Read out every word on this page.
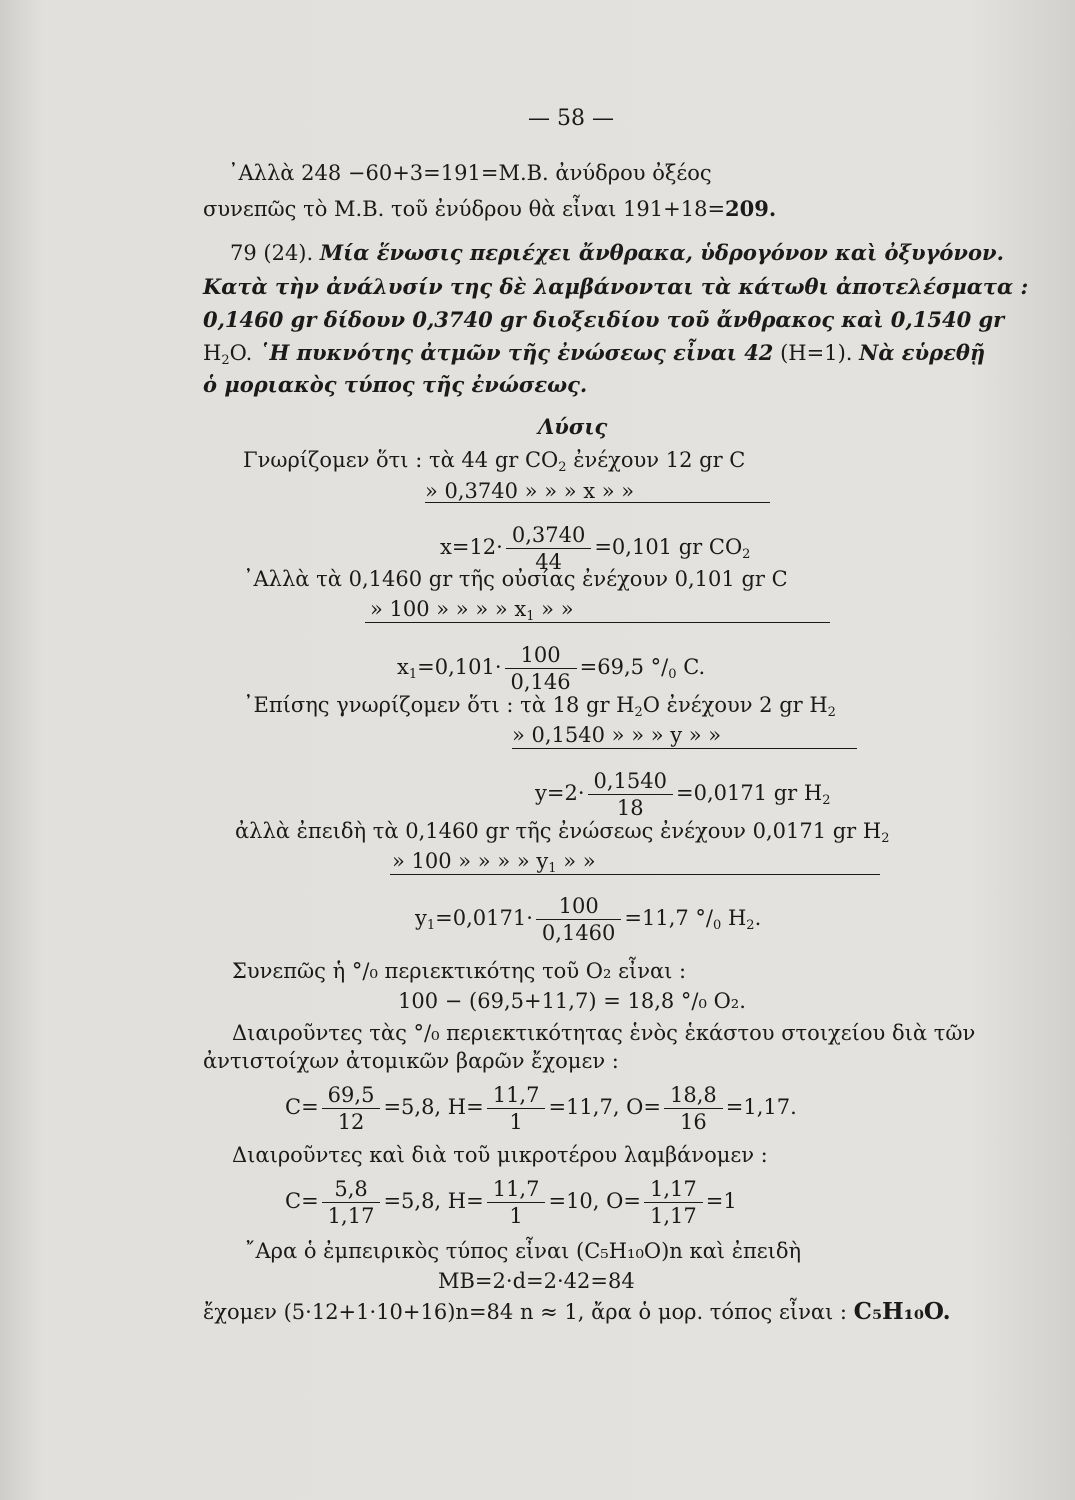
— 58 —
᾿Αλλὰ 248 −60+3=191=Μ.Β. ἀνύδρου ὀξέος
συνεπῶς τὸ Μ.Β. τοῦ ἐνύδρου θὰ εἶναι 191+18=209.
79 (24). Μία ἕνωσις περιέχει ἄνθρακα, ὑδρογόνον καὶ ὀξυγόνον.
Κατὰ τὴν ἀνάλυσίν της δὲ λαμβάνονται τὰ κάτωθι ἀποτελέσματα :
0,1460 gr δίδουν 0,3740 gr διοξειδίου τοῦ ἄνθρακος καὶ 0,1540 gr
$H_2O$. ῾Η πυκνότης ἀτμῶν τῆς ἐνώσεως εἶναι 42 (H=1). Νὰ εὑρεθῇ
ὁ μοριακὸς τύπος τῆς ἐνώσεως.
Λύσις
Γνωρίζομεν ὅτι : τὰ 44 gr $CO_2$ ἐνέχουν 12 gr C
» 0,3740 » » » x » »
$x=12\cdot \frac{0,3740}{44} =0,101$ gr $CO_2$
᾿Αλλὰ τὰ 0,1460 gr τῆς οὐσίας ἐνέχουν 0,101 gr C
» 100 » » » » $x_1$ » »
$x_1=0,101\cdot \frac{100}{0,146} =69,5$ $^\circ/_0$ C.
᾿Επίσης γνωρίζομεν ὅτι : τὰ 18 gr $H_2O$ ἐνέχουν 2 gr $H_2$
» 0,1540 » » » y » »
$y=2\cdot \frac{0,1540}{18} =0,0171$ gr $H_2$
ἀλλὰ ἐπειδὴ τὰ 0,1460 gr τῆς ἐνώσεως ἐνέχουν 0,0171 gr $H_2$
» 100 » » » » $y_1$ » »
$y_1=0,0171\cdot \frac{100}{0,1460} =11,7$ $^\circ/_0$ $H_2$.
Συνεπῶς ἡ °/₀ περιεκτικότης τοῦ O₂ εἶναι :
100 − (69,5+11,7) = 18,8 °/₀ O₂.
Διαιροῦντες τὰς °/₀ περιεκτικότητας ἑνὸς ἑκάστου στοιχείου διὰ τῶν
ἀντιστοίχων ἀτομικῶν βαρῶν ἔχομεν :
$C= \frac{69,5}{12} =5,8$, $H= \frac{11,7}{1} =11,7$, $O= \frac{18,8}{16} =1,17$.
Διαιροῦντες καὶ διὰ τοῦ μικροτέρου λαμβάνομεν :
$C= \frac{5,8}{1,17} =5,8$, $H= \frac{11,7}{1} =10$, $O= \frac{1,17}{1,17} =1$
῎Αρα ὁ ἐμπειρικὸς τύπος εἶναι (C₅H₁₀O)n καὶ ἐπειδὴ
MB=2·d=2·42=84
ἔχομεν (5·12+1·10+16)n=84 n ≈ 1, ἄρα ὁ μορ. τόπος εἶναι : C₅H₁₀O.
